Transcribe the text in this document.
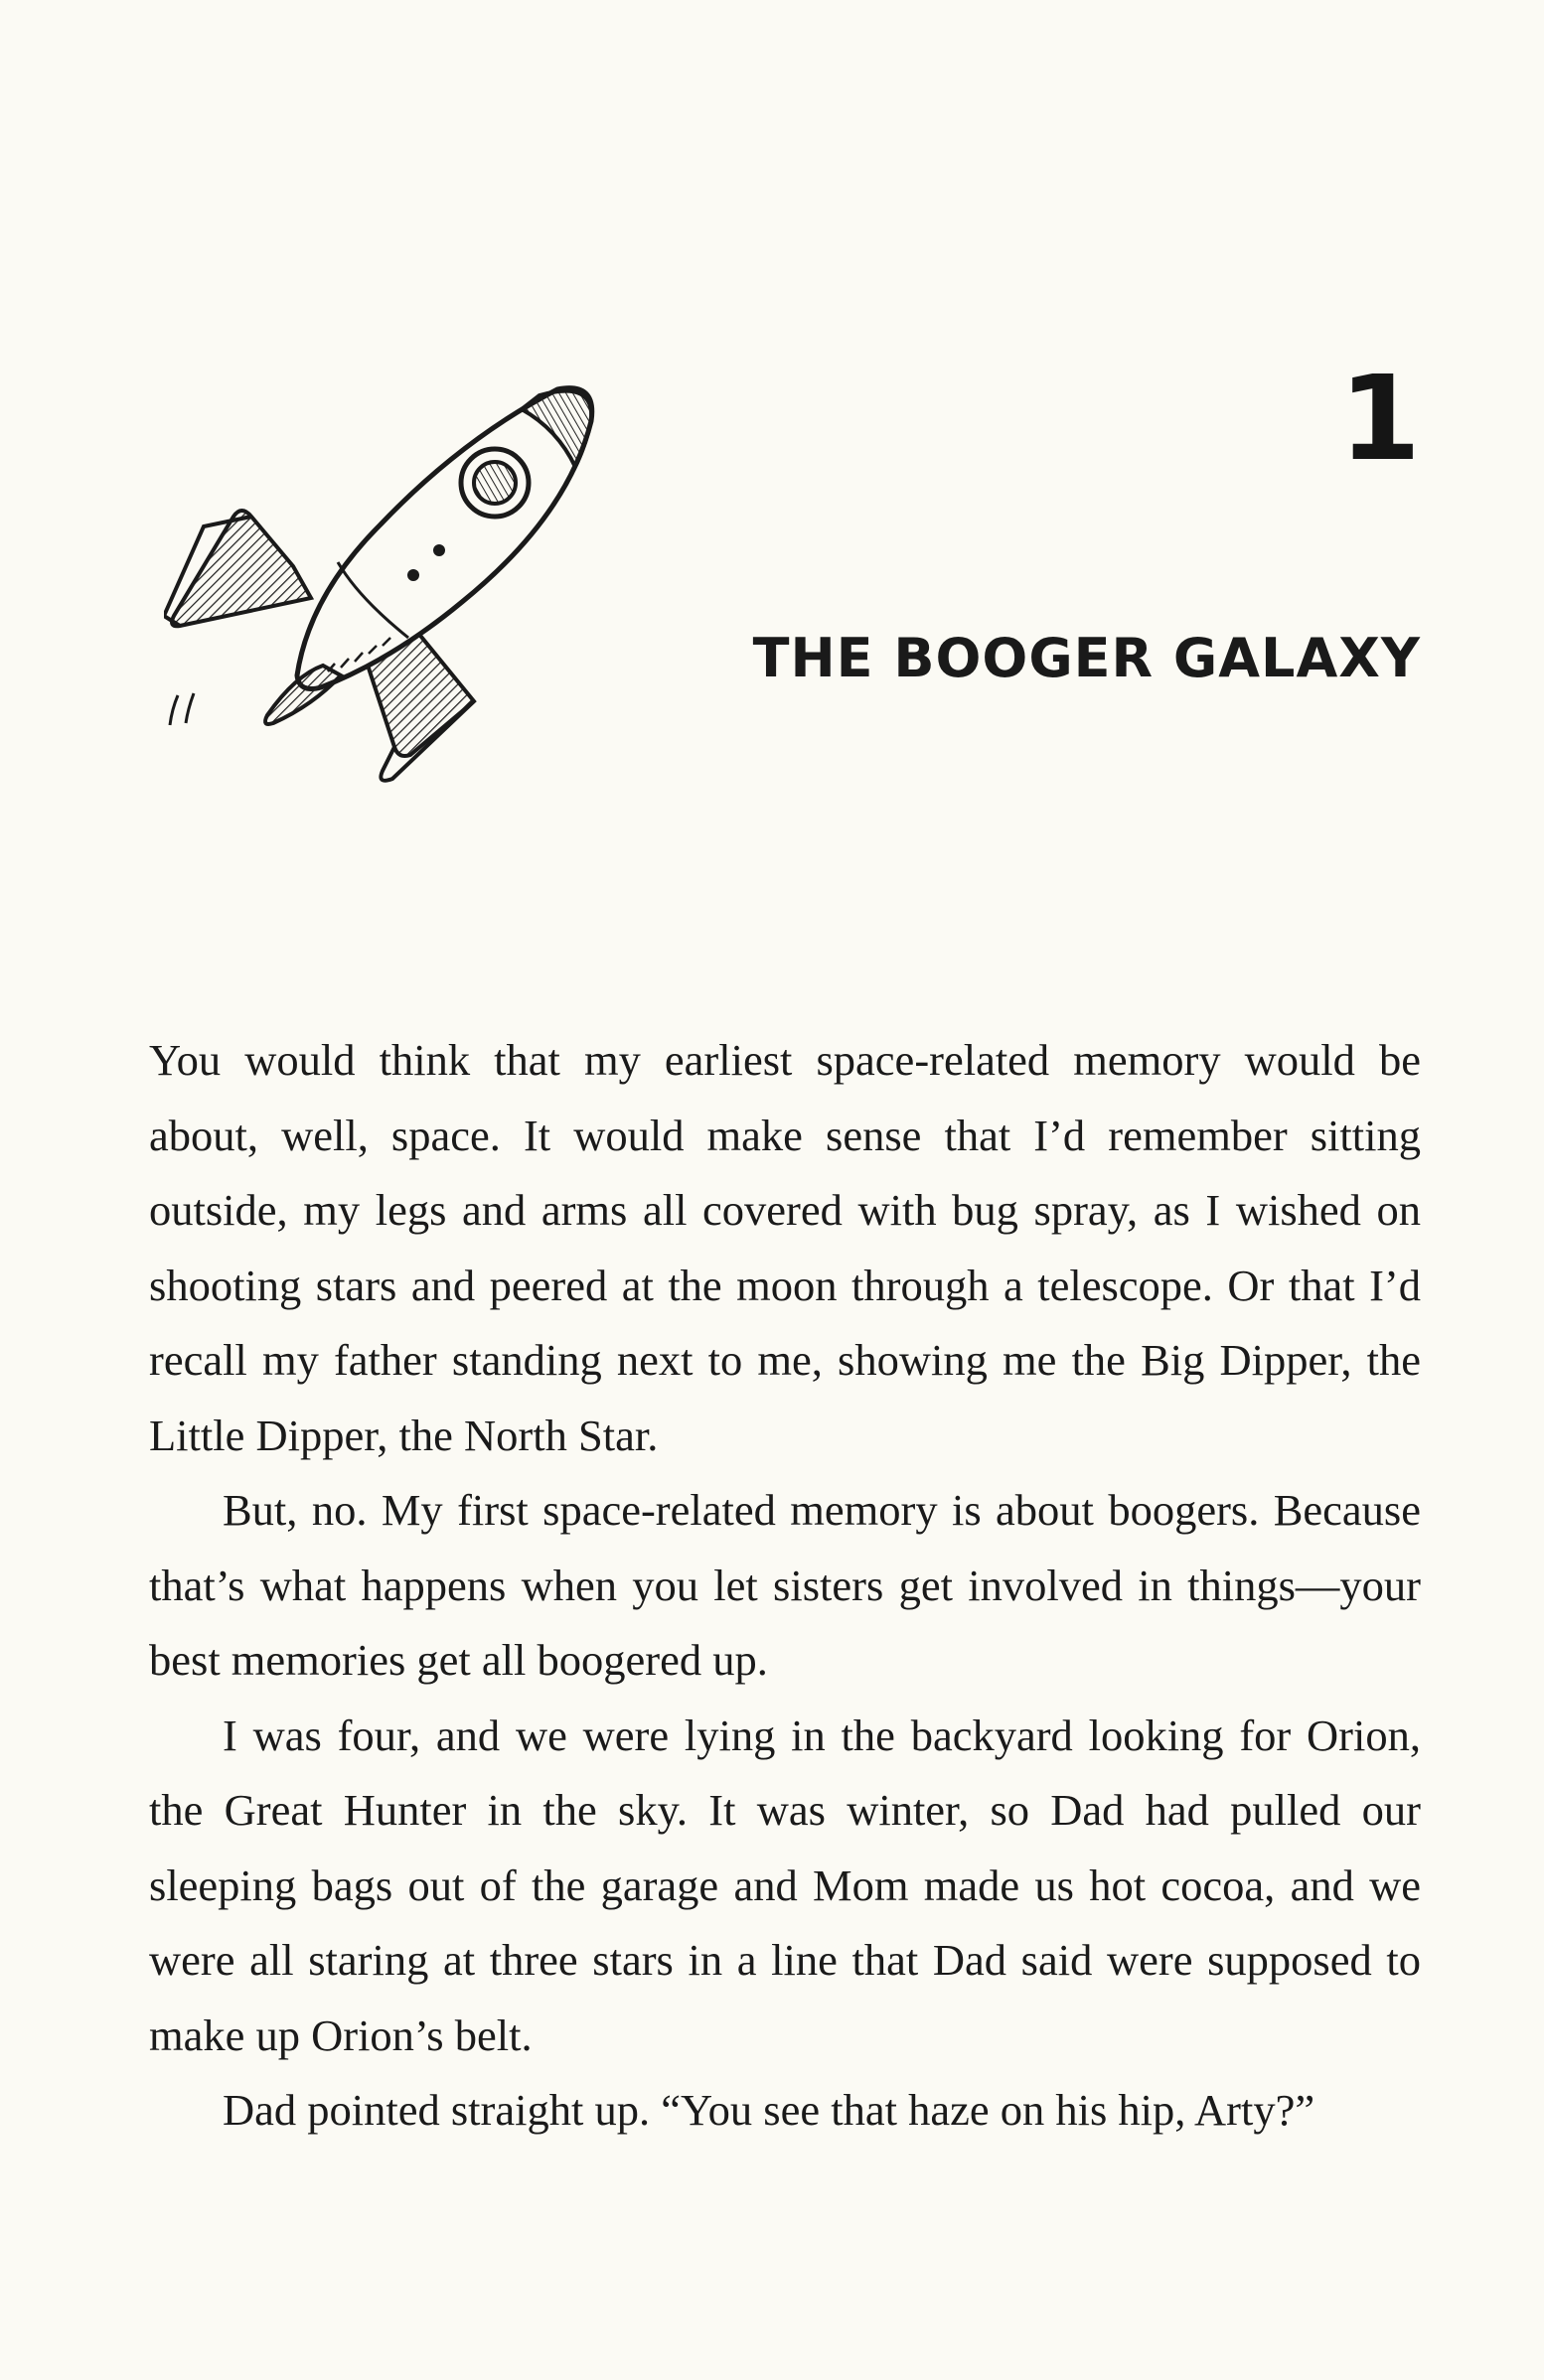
1
THE BOOGER GALAXY

You would think that my earliest space-related memory would be about, well, space. It would make sense that I’d remember sitting outside, my legs and arms all covered with bug spray, as I wished on shooting stars and peered at the moon through a telescope. Or that I’d recall my father standing next to me, showing me the Big Dipper, the Little Dipper, the North Star.

But, no. My first space-related memory is about boogers. Because that’s what happens when you let sisters get involved in things—your best memories get all boogered up.

I was four, and we were lying in the backyard looking for Orion, the Great Hunter in the sky. It was winter, so Dad had pulled our sleeping bags out of the garage and Mom made us hot cocoa, and we were all staring at three stars in a line that Dad said were supposed to make up Orion’s belt.

Dad pointed straight up. “You see that haze on his hip, Arty?”
